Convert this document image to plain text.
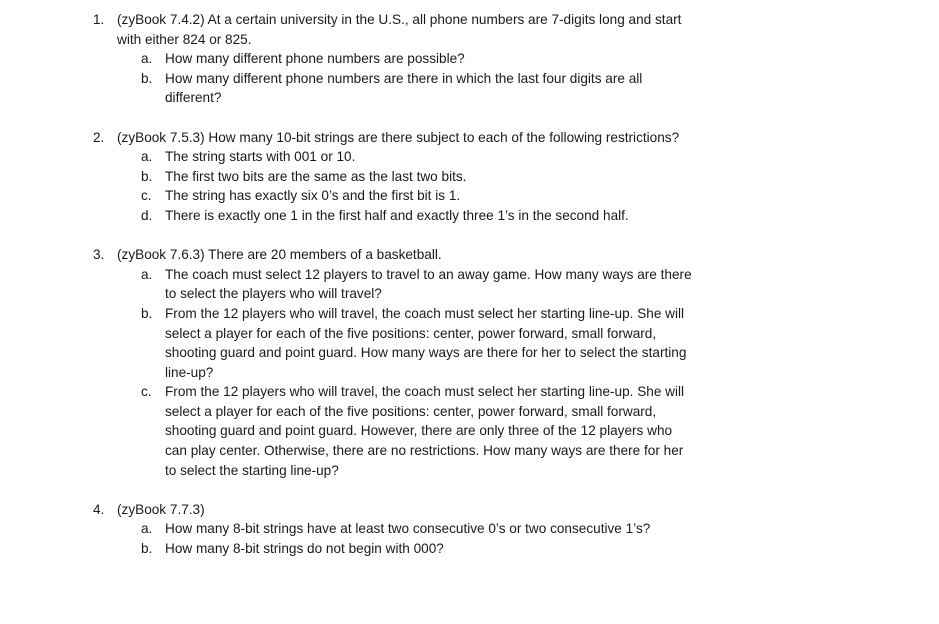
1. (zyBook 7.4.2) At a certain university in the U.S., all phone numbers are 7-digits long and start
with either 824 or 825.
a. How many different phone numbers are possible?
b. How many different phone numbers are there in which the last four digits are all
different?
2. (zyBook 7.5.3) How many 10-bit strings are there subject to each of the following restrictions?
a. The string starts with 001 or 10.
b. The first two bits are the same as the last two bits.
c. The string has exactly six 0’s and the first bit is 1.
d. There is exactly one 1 in the first half and exactly three 1’s in the second half.
3. (zyBook 7.6.3) There are 20 members of a basketball.
a. The coach must select 12 players to travel to an away game. How many ways are there
to select the players who will travel?
b. From the 12 players who will travel, the coach must select her starting line-up. She will
select a player for each of the five positions: center, power forward, small forward,
shooting guard and point guard. How many ways are there for her to select the starting
line-up?
c. From the 12 players who will travel, the coach must select her starting line-up. She will
select a player for each of the five positions: center, power forward, small forward,
shooting guard and point guard. However, there are only three of the 12 players who
can play center. Otherwise, there are no restrictions. How many ways are there for her
to select the starting line-up?
4. (zyBook 7.7.3)
a. How many 8-bit strings have at least two consecutive 0’s or two consecutive 1’s?
b. How many 8-bit strings do not begin with 000?
